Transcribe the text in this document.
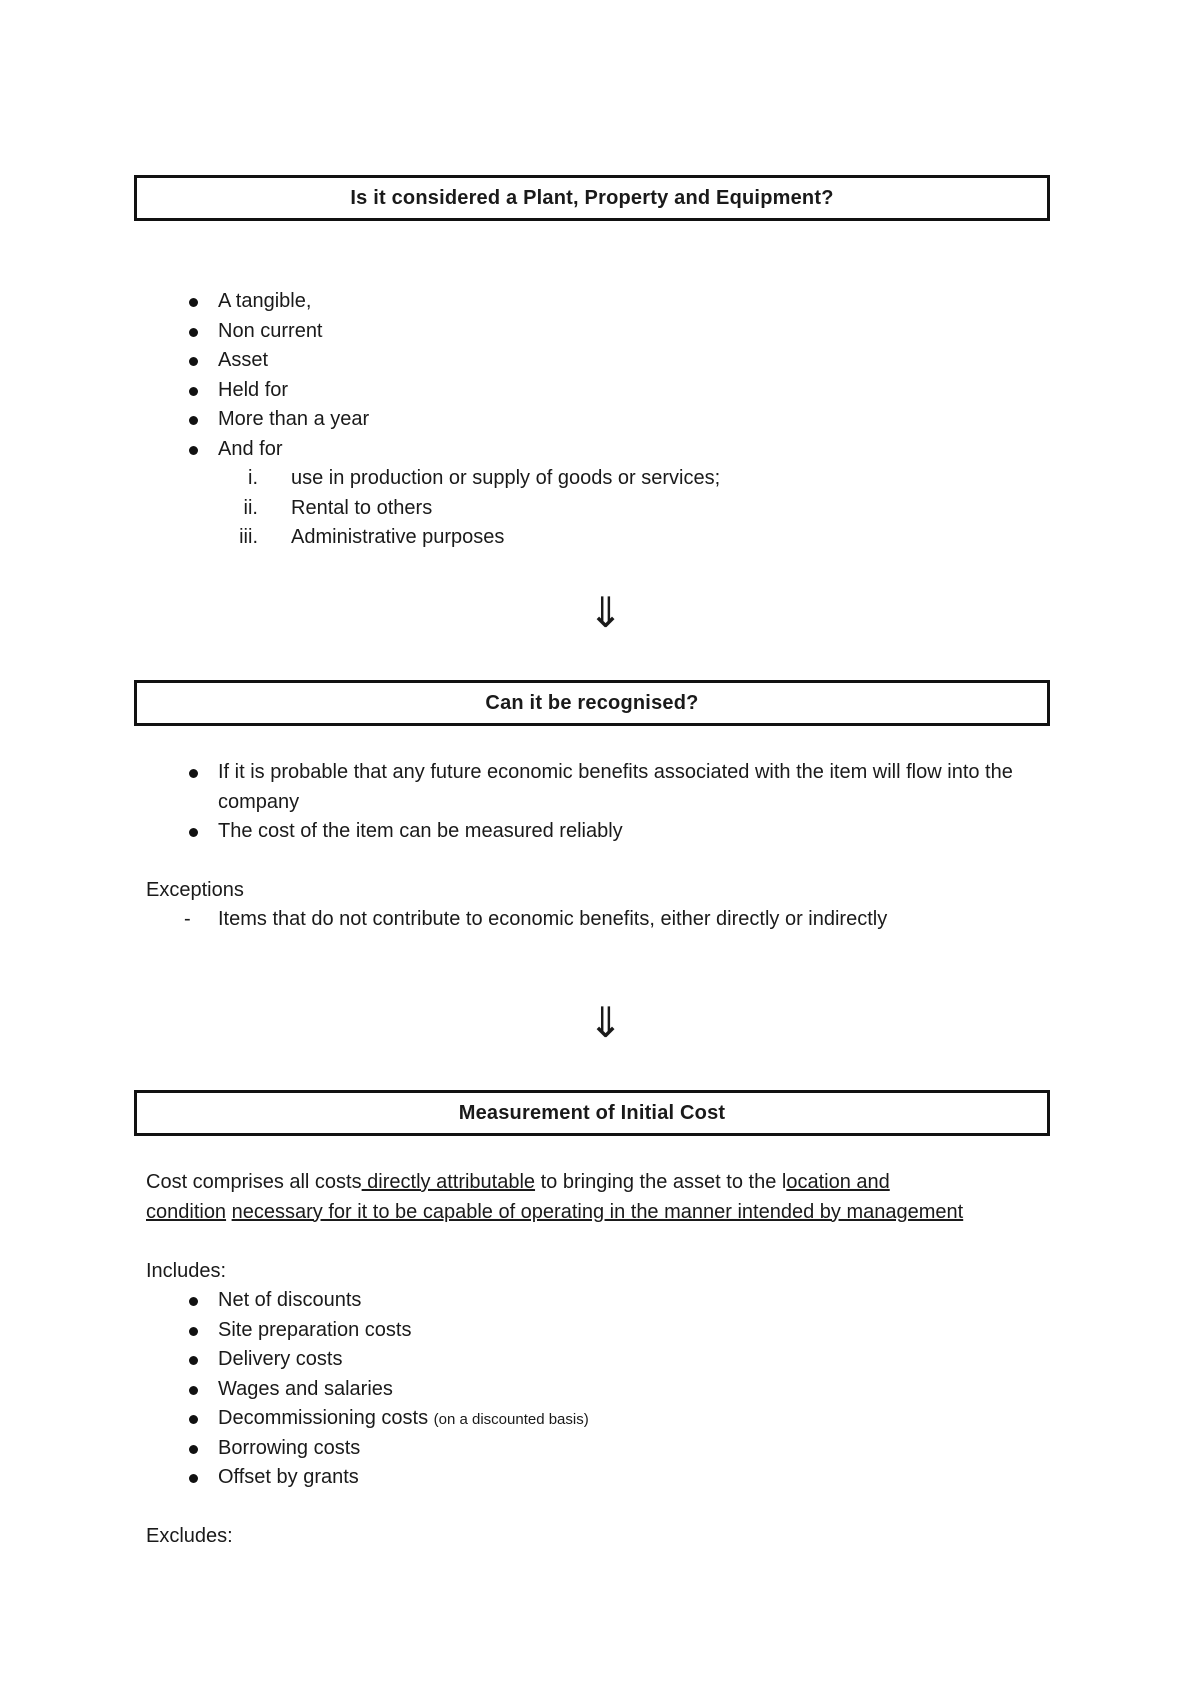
Is it considered a Plant, Property and Equipment?
A tangible,
Non current
Asset
Held for
More than a year
And for
i. use in production or supply of goods or services;
ii. Rental to others
iii. Administrative purposes
⇓
Can it be recognised?
If it is probable that any future economic benefits associated with the item will flow into the company
The cost of the item can be measured reliably

Exceptions

- Items that do not contribute to economic benefits, either directly or indirectly
⇓
Measurement of Initial Cost

Cost comprises all costs directly attributable to bringing the asset to the location and

condition necessary for it to be capable of operating in the manner intended by management

Includes:

Net of discounts
Site preparation costs
Delivery costs
Wages and salaries
Decommissioning costs (on a discounted basis)
Borrowing costs
Offset by grants

Excludes:
